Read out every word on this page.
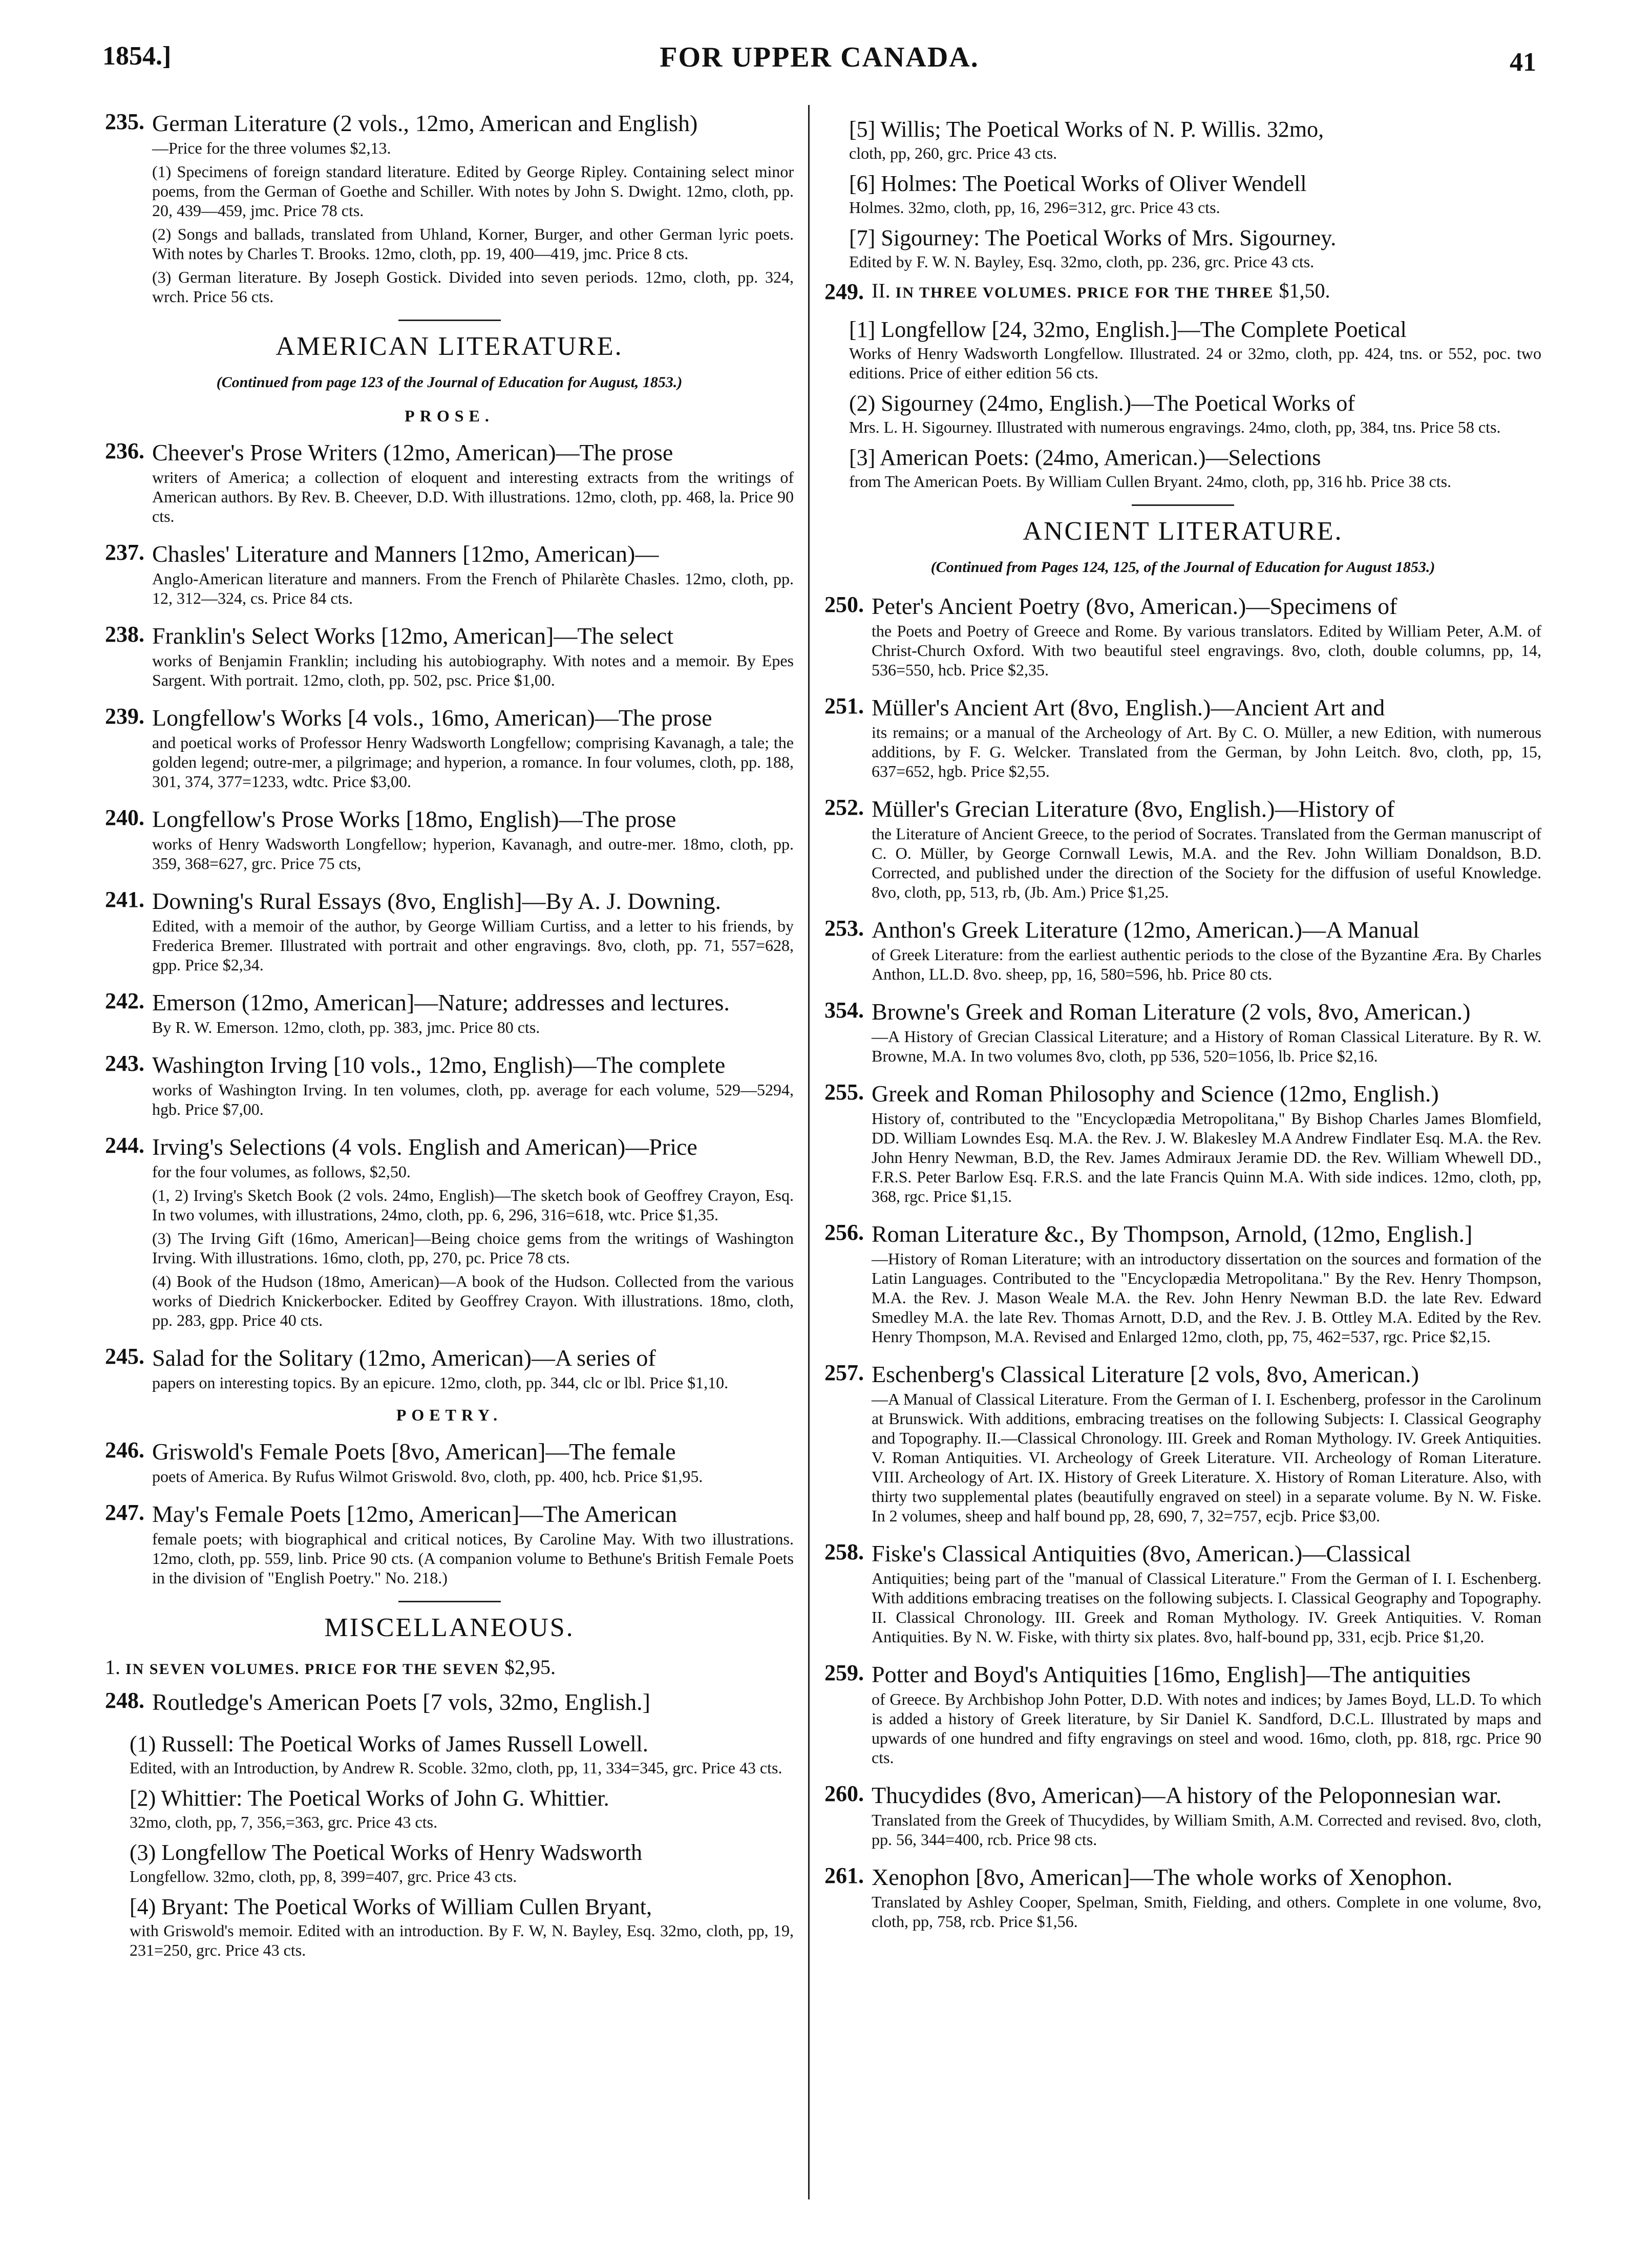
1854.]	FOR UPPER CANADA.	41
235. German Literature (2 vols., 12mo, American and English)
—Price for the three volumes $2,13.
(1) Specimens of foreign standard literature. Edited by George Ripley. Containing select minor poems, from the German of Goethe and Schiller. With notes by John S. Dwight. 12mo, cloth, pp. 20, 439—459, jmc. Price 78 cts.
(2) Songs and ballads, translated from Uhland, Korner, Burger, and other German lyric poets. With notes by Charles T. Brooks. 12mo, cloth, pp. 19, 400—419, jmc. Price 8 cts.
(3) German literature. By Joseph Gostick. Divided into seven periods. 12mo, cloth, pp. 324, wrch. Price 56 cts.
AMERICAN LITERATURE.
(Continued from page 123 of the Journal of Education for August, 1853.)
PROSE.
236. Cheever's Prose Writers (12mo, American)—The prose
writers of America; a collection of eloquent and interesting extracts from the writings of American authors. By Rev. B. Cheever, D.D. With illustrations. 12mo, cloth, pp. 468, la. Price 90 cts.
237. Chasles' Literature and Manners [12mo, American)—
Anglo-American literature and manners. From the French of Philarète Chasles. 12mo, cloth, pp. 12, 312—324, cs. Price 84 cts.
238. Franklin's Select Works [12mo, American]—The select
works of Benjamin Franklin; including his autobiography. With notes and a memoir. By Epes Sargent. With portrait. 12mo, cloth, pp. 502, psc. Price $1,00.
239. Longfellow's Works [4 vols., 16mo, American)—The prose
and poetical works of Professor Henry Wadsworth Longfellow; comprising Kavanagh, a tale; the golden legend; outre-mer, a pilgrimage; and hyperion, a romance. In four volumes, cloth, pp. 188, 301, 374, 377=1233, wdtc. Price $3,00.
240. Longfellow's Prose Works [18mo, English)—The prose
works of Henry Wadsworth Longfellow; hyperion, Kavanagh, and outre-mer. 18mo, cloth, pp. 359, 368=627, grc. Price 75 cts,
241. Downing's Rural Essays (8vo, English]—By A. J. Downing.
Edited, with a memoir of the author, by George William Curtiss, and a letter to his friends, by Frederica Bremer. Illustrated with portrait and other engravings. 8vo, cloth, pp. 71, 557=628, gpp. Price $2,34.
242. Emerson (12mo, American]—Nature; addresses and lectures.
By R. W. Emerson. 12mo, cloth, pp. 383, jmc. Price 80 cts.
243. Washington Irving [10 vols., 12mo, English)—The complete
works of Washington Irving. In ten volumes, cloth, pp. average for each volume, 529—5294, hgb. Price $7,00.
244. Irving's Selections (4 vols. English and American)—Price
for the four volumes, as follows, $2,50.
(1, 2) Irving's Sketch Book (2 vols. 24mo, English)—The sketch book of Geoffrey Crayon, Esq. In two volumes, with illustrations, 24mo, cloth, pp. 6, 296, 316=618, wtc. Price $1,35.
(3) The Irving Gift (16mo, American]—Being choice gems from the writings of Washington Irving. With illustrations. 16mo, cloth, pp, 270, pc. Price 78 cts.
(4) Book of the Hudson (18mo, American)—A book of the Hudson. Collected from the various works of Diedrich Knickerbocker. Edited by Geoffrey Crayon. With illustrations. 18mo, cloth, pp. 283, gpp. Price 40 cts.
245. Salad for the Solitary (12mo, American)—A series of
papers on interesting topics. By an epicure. 12mo, cloth, pp. 344, clc or lbl. Price $1,10.
POETRY.
246. Griswold's Female Poets [8vo, American]—The female
poets of America. By Rufus Wilmot Griswold. 8vo, cloth, pp. 400, hcb. Price $1,95.
247. May's Female Poets [12mo, American]—The American
female poets; with biographical and critical notices, By Caroline May. With two illustrations. 12mo, cloth, pp. 559, linb. Price 90 cts. (A companion volume to Bethune's British Female Poets in the division of "English Poetry." No. 218.)
MISCELLANEOUS.
1. IN SEVEN VOLUMES. PRICE FOR THE SEVEN $2,95.
248. Routledge's American Poets [7 vols, 32mo, English.]
(1) Russell: The Poetical Works of James Russell Lowell.
Edited, with an Introduction, by Andrew R. Scoble. 32mo, cloth, pp, 11, 334=345, grc. Price 43 cts.
[2) Whittier: The Poetical Works of John G. Whittier.
32mo, cloth, pp, 7, 356,=363, grc. Price 43 cts.
(3) Longfellow The Poetical Works of Henry Wadsworth
Longfellow. 32mo, cloth, pp, 8, 399=407, grc. Price 43 cts.
[4) Bryant: The Poetical Works of William Cullen Bryant,
with Griswold's memoir. Edited with an introduction. By F. W, N. Bayley, Esq. 32mo, cloth, pp, 19, 231=250, grc. Price 43 cts.
[5] Willis; The Poetical Works of N. P. Willis. 32mo,
cloth, pp, 260, grc. Price 43 cts.
[6] Holmes: The Poetical Works of Oliver Wendell
Holmes. 32mo, cloth, pp, 16, 296=312, grc. Price 43 cts.
[7] Sigourney: The Poetical Works of Mrs. Sigourney.
Edited by F. W. N. Bayley, Esq. 32mo, cloth, pp. 236, grc. Price 43 cts.
249. II. IN THREE VOLUMES. PRICE FOR THE THREE $1,50.
[1] Longfellow [24, 32mo, English.]—The Complete Poetical
Works of Henry Wadsworth Longfellow. Illustrated. 24 or 32mo, cloth, pp. 424, tns. or 552, poc. two editions. Price of either edition 56 cts.
(2) Sigourney (24mo, English.)—The Poetical Works of
Mrs. L. H. Sigourney. Illustrated with numerous engravings. 24mo, cloth, pp, 384, tns. Price 58 cts.
[3] American Poets: (24mo, American.)—Selections
from The American Poets. By William Cullen Bryant. 24mo, cloth, pp, 316 hb. Price 38 cts.
ANCIENT LITERATURE.
(Continued from Pages 124, 125, of the Journal of Education for August 1853.)
250. Peter's Ancient Poetry (8vo, American.)—Specimens of
the Poets and Poetry of Greece and Rome. By various translators. Edited by William Peter, A.M. of Christ-Church Oxford. With two beautiful steel engravings. 8vo, cloth, double columns, pp, 14, 536=550, hcb. Price $2,35.
251. Müller's Ancient Art (8vo, English.)—Ancient Art and
its remains; or a manual of the Archeology of Art. By C. O. Müller, a new Edition, with numerous additions, by F. G. Welcker. Translated from the German, by John Leitch. 8vo, cloth, pp, 15, 637=652, hgb. Price $2,55.
252. Müller's Grecian Literature (8vo, English.)—History of
the Literature of Ancient Greece, to the period of Socrates. Translated from the German manuscript of C. O. Müller, by George Cornwall Lewis, M.A. and the Rev. John William Donaldson, B.D. Corrected, and published under the direction of the Society for the diffusion of useful Knowledge. 8vo, cloth, pp, 513, rb, (Jb. Am.) Price $1,25.
253. Anthon's Greek Literature (12mo, American.)—A Manual
of Greek Literature: from the earliest authentic periods to the close of the Byzantine Æra. By Charles Anthon, LL.D. 8vo. sheep, pp, 16, 580=596, hb. Price 80 cts.
354. Browne's Greek and Roman Literature (2 vols, 8vo, American.)
—A History of Grecian Classical Literature; and a History of Roman Classical Literature. By R. W. Browne, M.A. In two volumes 8vo, cloth, pp 536, 520=1056, lb. Price $2,16.
255. Greek and Roman Philosophy and Science (12mo, English.)
History of, contributed to the "Encyclopædia Metropolitana," By Bishop Charles James Blomfield, DD. William Lowndes Esq. M.A. the Rev. J. W. Blakesley M.A Andrew Findlater Esq. M.A. the Rev. John Henry Newman, B.D, the Rev. James Admiraux Jeramie DD. the Rev. William Whewell DD., F.R.S. Peter Barlow Esq. F.R.S. and the late Francis Quinn M.A. With side indices. 12mo, cloth, pp, 368, rgc. Price $1,15.
256. Roman Literature &c., By Thompson, Arnold, (12mo, English.]
—History of Roman Literature; with an introductory dissertation on the sources and formation of the Latin Languages. Contributed to the "Encyclopædia Metropolitana." By the Rev. Henry Thompson, M.A. the Rev. J. Mason Weale M.A. the Rev. John Henry Newman B.D. the late Rev. Edward Smedley M.A. the late Rev. Thomas Arnott, D.D, and the Rev. J. B. Ottley M.A. Edited by the Rev. Henry Thompson, M.A. Revised and Enlarged 12mo, cloth, pp, 75, 462=537, rgc. Price $2,15.
257. Eschenberg's Classical Literature [2 vols, 8vo, American.)
—A Manual of Classical Literature. From the German of I. I. Eschenberg, professor in the Carolinum at Brunswick. With additions, embracing treatises on the following Subjects: I. Classical Geography and Topography. II.—Classical Chronology. III. Greek and Roman Mythology. IV. Greek Antiquities. V. Roman Antiquities. VI. Archeology of Greek Literature. VII. Archeology of Roman Literature. VIII. Archeology of Art. IX. History of Greek Literature. X. History of Roman Literature. Also, with thirty two supplemental plates (beautifully engraved on steel) in a separate volume. By N. W. Fiske. In 2 volumes, sheep and half bound pp, 28, 690, 7, 32=757, ecjb. Price $3,00.
258. Fiske's Classical Antiquities (8vo, American.)—Classical
Antiquities; being part of the "manual of Classical Literature." From the German of I. I. Eschenberg. With additions embracing treatises on the following subjects. I. Classical Geography and Topography. II. Classical Chronology. III. Greek and Roman Mythology. IV. Greek Antiquities. V. Roman Antiquities. By N. W. Fiske, with thirty six plates. 8vo, half-bound pp, 331, ecjb. Price $1,20.
259. Potter and Boyd's Antiquities [16mo, English]—The antiquities
of Greece. By Archbishop John Potter, D.D. With notes and indices; by James Boyd, LL.D. To which is added a history of Greek literature, by Sir Daniel K. Sandford, D.C.L. Illustrated by maps and upwards of one hundred and fifty engravings on steel and wood. 16mo, cloth, pp. 818, rgc. Price 90 cts.
260. Thucydides (8vo, American)—A history of the Peloponnesian war.
Translated from the Greek of Thucydides, by William Smith, A.M. Corrected and revised. 8vo, cloth, pp. 56, 344=400, rcb. Price 98 cts.
261. Xenophon [8vo, American]—The whole works of Xenophon.
Translated by Ashley Cooper, Spelman, Smith, Fielding, and others. Complete in one volume, 8vo, cloth, pp, 758, rcb. Price $1,56.
